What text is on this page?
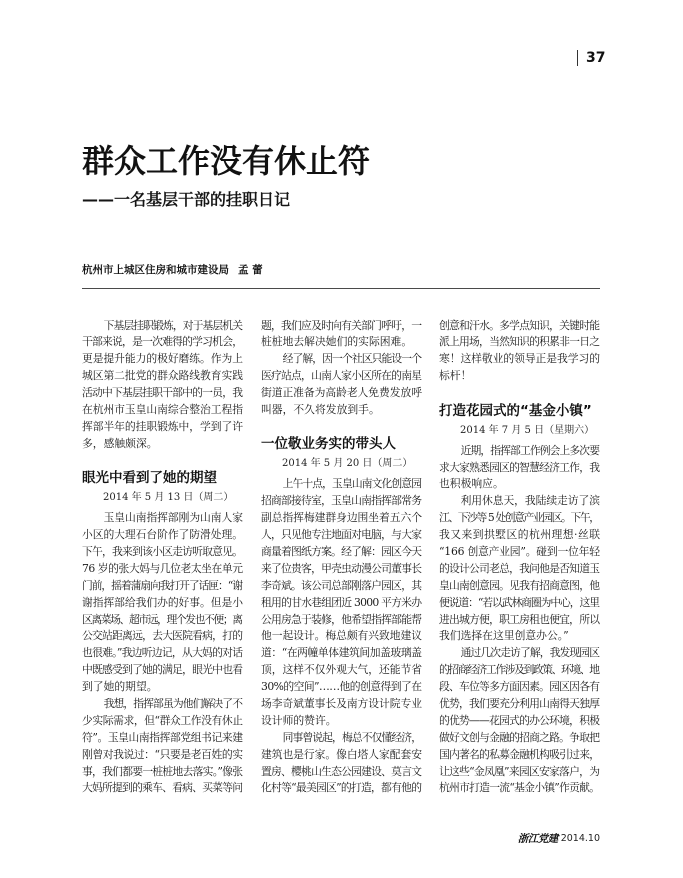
37
群众工作没有休止符
——一名基层干部的挂职日记
杭州市上城区住房和城市建设局 孟 蕾
下基层挂职锻炼，对于基层机关
干部来说，是一次难得的学习机会，
更是提升能力的极好磨练。作为上
城区第二批党的群众路线教育实践
活动中下基层挂职干部中的一员，我
在杭州市玉皇山南综合整治工程指
挥部半年的挂职锻炼中，学到了许
多，感触颇深。
眼光中看到了她的期望
2014 年 5 月 13 日（周二）
玉皇山南指挥部刚为山南人家
小区的大理石台阶作了防滑处理。
下午，我来到该小区走访听取意见。
76 岁的张大妈与几位老太坐在单元
门前，摇着蒲扇向我打开了话匣：“谢
谢指挥部给我们办的好事。但是小
区离菜场、超市远，理个发也不便；离
公交站距离远，去大医院看病，打的
也很难。”我边听边记，从大妈的对话
中既感受到了她的满足，眼光中也看
到了她的期望。
我想，指挥部虽为他们解决了不
少实际需求，但“群众工作没有休止
符”。玉皇山南指挥部党组书记来建
刚曾对我说过：“只要是老百姓的实
事，我们都要一桩桩地去落实。”像张
大妈所提到的乘车、看病、买菜等问
题，我们应及时向有关部门呼吁，一
桩桩地去解决她们的实际困难。
经了解，因一个社区只能设一个
医疗站点，山南人家小区所在的南星
街道正准备为高龄老人免费发放呼
叫器，不久将发放到手。
一位敬业务实的带头人
2014 年 5 月 20 日（周二）
上午十点，玉皇山南文化创意园
招商部接待室，玉皇山南指挥部常务
副总指挥梅建群身边围坐着五六个
人，只见他专注地面对电脑，与大家
商量着图纸方案。经了解：园区今天
来了位贵客，甲壳虫动漫公司董事长
李奇斌。该公司总部刚落户园区，其
租用的甘水巷组团近 3000 平方米办
公用房急于装修，他希望指挥部能帮
他一起设计。梅总颇有兴致地建议
道：“在两幢单体建筑间加盖玻璃盖
顶，这样不仅外观大气，还能节省
30%的空间”……他的创意得到了在
场李奇斌董事长及南方设计院专业
设计师的赞许。
同事曾说起，梅总不仅懂经济，
建筑也是行家。像白塔人家配套安
置房、樱桃山生态公园建设、莫言文
化村等“最美园区”的打造，都有他的
创意和汗水。多学点知识，关键时能
派上用场，当然知识的积累非一日之
寒！这样敬业的领导正是我学习的
标杆！
打造花园式的“基金小镇”
2014 年 7 月 5 日（星期六）
近期，指挥部工作例会上多次要
求大家熟悉园区的智慧经济工作，我
也积极响应。
利用休息天，我陆续走访了滨
江、下沙等 5 处创意产业园区。下午，
我又来到拱墅区的杭州理想·丝联
“166 创意产业园”。碰到一位年轻
的设计公司老总，我问他是否知道玉
皇山南创意园。见我有招商意图，他
便说道：“若以武林商圈为中心，这里
进出城方便，职工房租也便宜，所以
我们选择在这里创意办公。”
通过几次走访了解，我发现园区
的招商经济工作涉及到政策、环境、地
段、车位等多方面因素。园区因各有
优势，我们要充分利用山南得天独厚
的优势——花园式的办公环境，积极
做好文创与金融的招商之路。争取把
国内著名的私募金融机构吸引过来，
让这些“金凤凰”来园区安家落户，为
杭州市打造一流“基金小镇”作贡献。
浙江党建 2014.10
